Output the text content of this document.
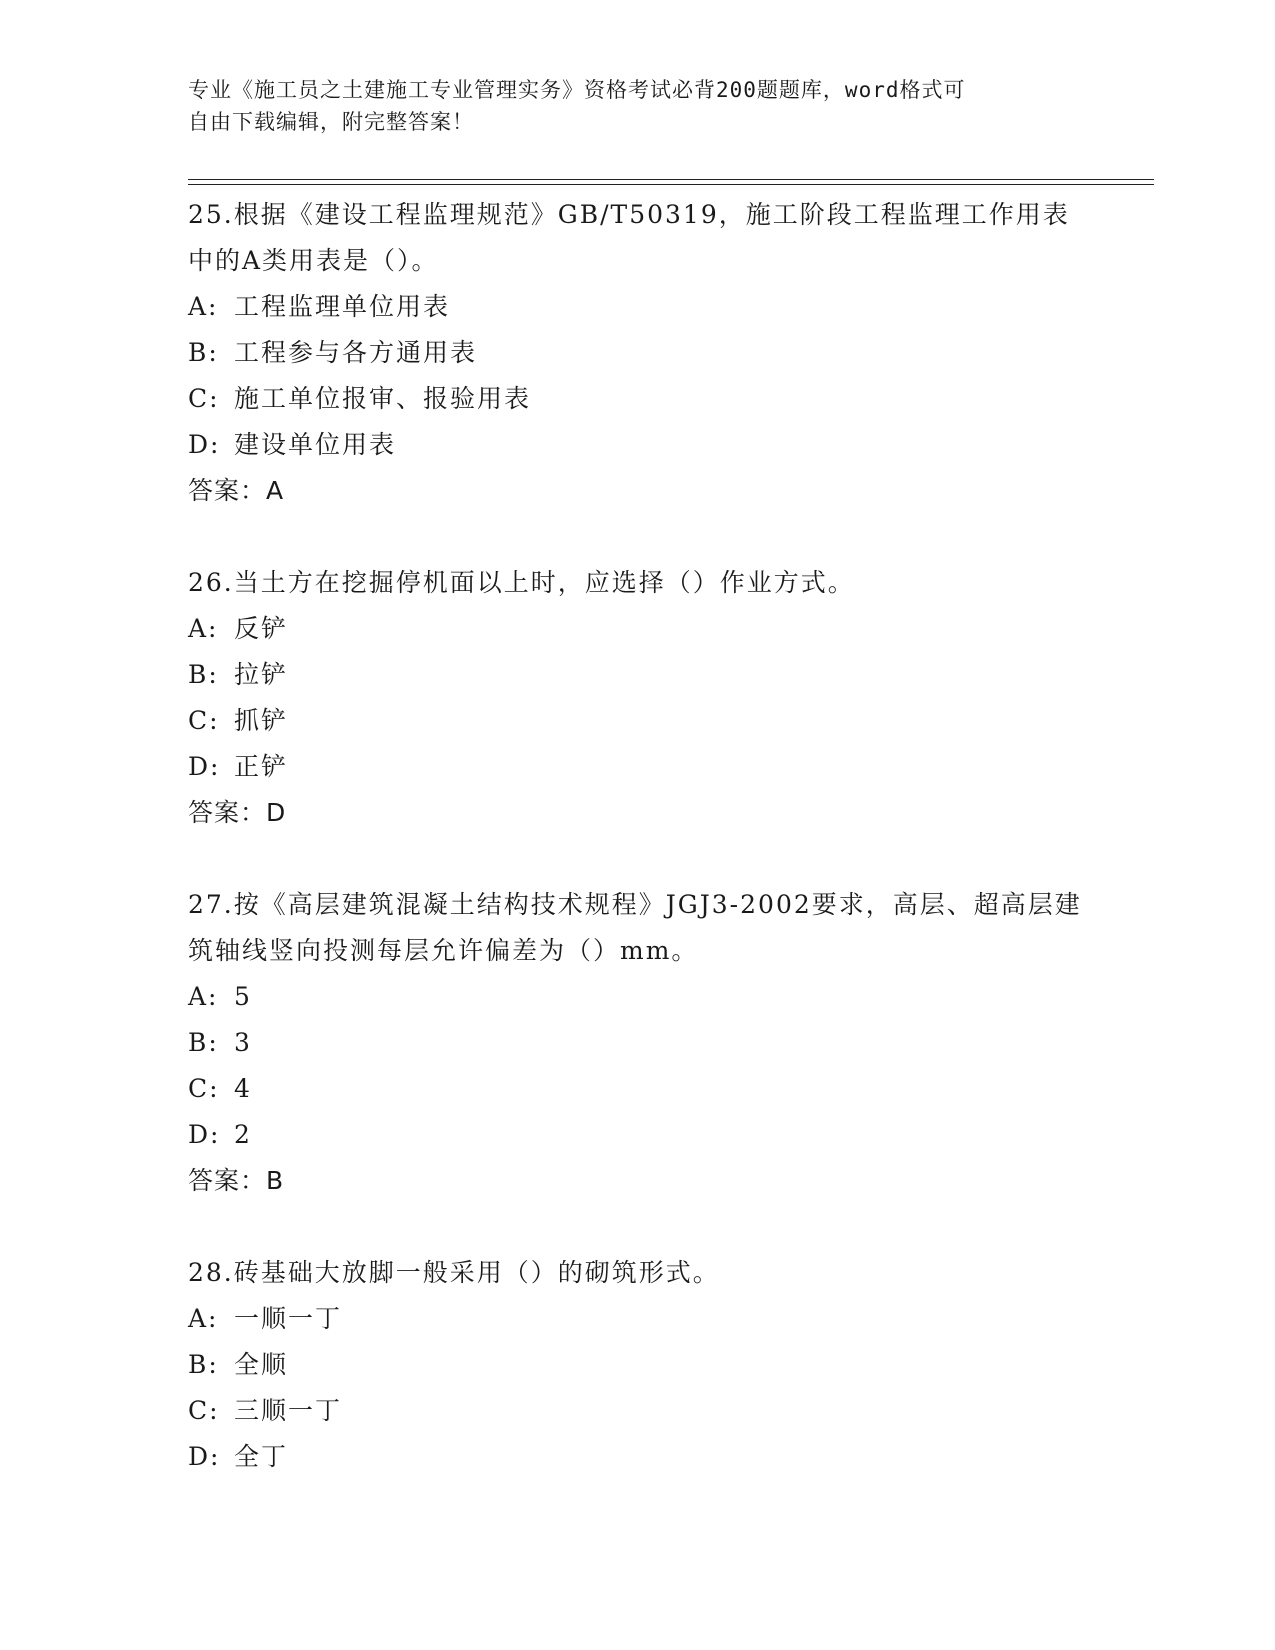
专业《施工员之土建施工专业管理实务》资格考试必背200题题库，word格式可
自由下载编辑，附完整答案！
25.根据《建设工程监理规范》GB/T50319，施工阶段工程监理工作用表中的A类用表是（）。
A: 工程监理单位用表
B: 工程参与各方通用表
C: 施工单位报审、报验用表
D: 建设单位用表
答案：A
26.当土方在挖掘停机面以上时，应选择（）作业方式。
A: 反铲
B: 拉铲
C: 抓铲
D: 正铲
答案：D
27.按《高层建筑混凝土结构技术规程》JGJ3-2002要求，高层、超高层建筑轴线竖向投测每层允许偏差为（）mm。
A: 5
B: 3
C: 4
D: 2
答案：B
28.砖基础大放脚一般采用（）的砌筑形式。
A: 一顺一丁
B: 全顺
C: 三顺一丁
D: 全丁
